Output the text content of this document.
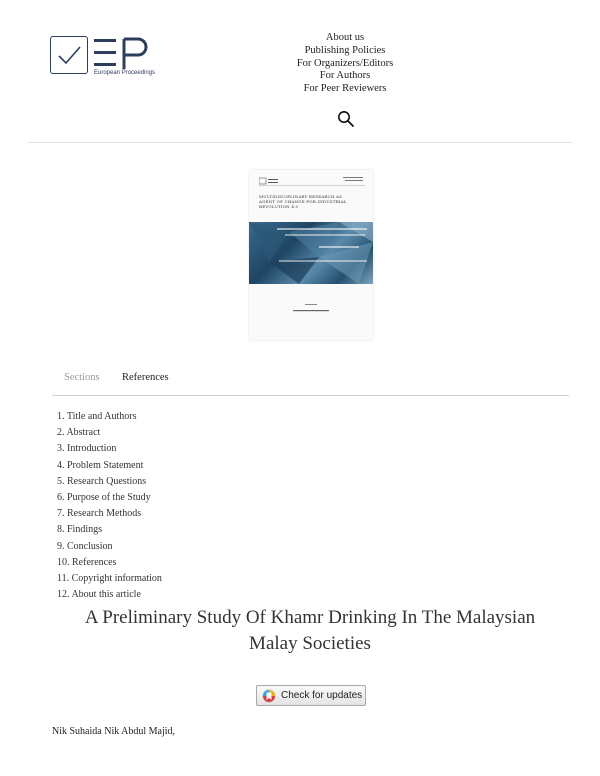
European Proceedings
About us
Publishing Policies
For Organizers/Editors
For Authors
For Peer Reviewers
MULTIDISCIPLINARY RESEARCH AS
AGENT OF CHANGE FOR INDUSTRIAL
REVOLUTION 4.0
Sections References
1. Title and Authors
2. Abstract
3. Introduction
4. Problem Statement
5. Research Questions
6. Purpose of the Study
7. Research Methods
8. Findings
9. Conclusion
10. References
11. Copyright information
12. About this article
A Preliminary Study Of Khamr Drinking In The Malaysian Malay Societies
Check for updates
Nik Suhaida Nik Abdul Majid,
